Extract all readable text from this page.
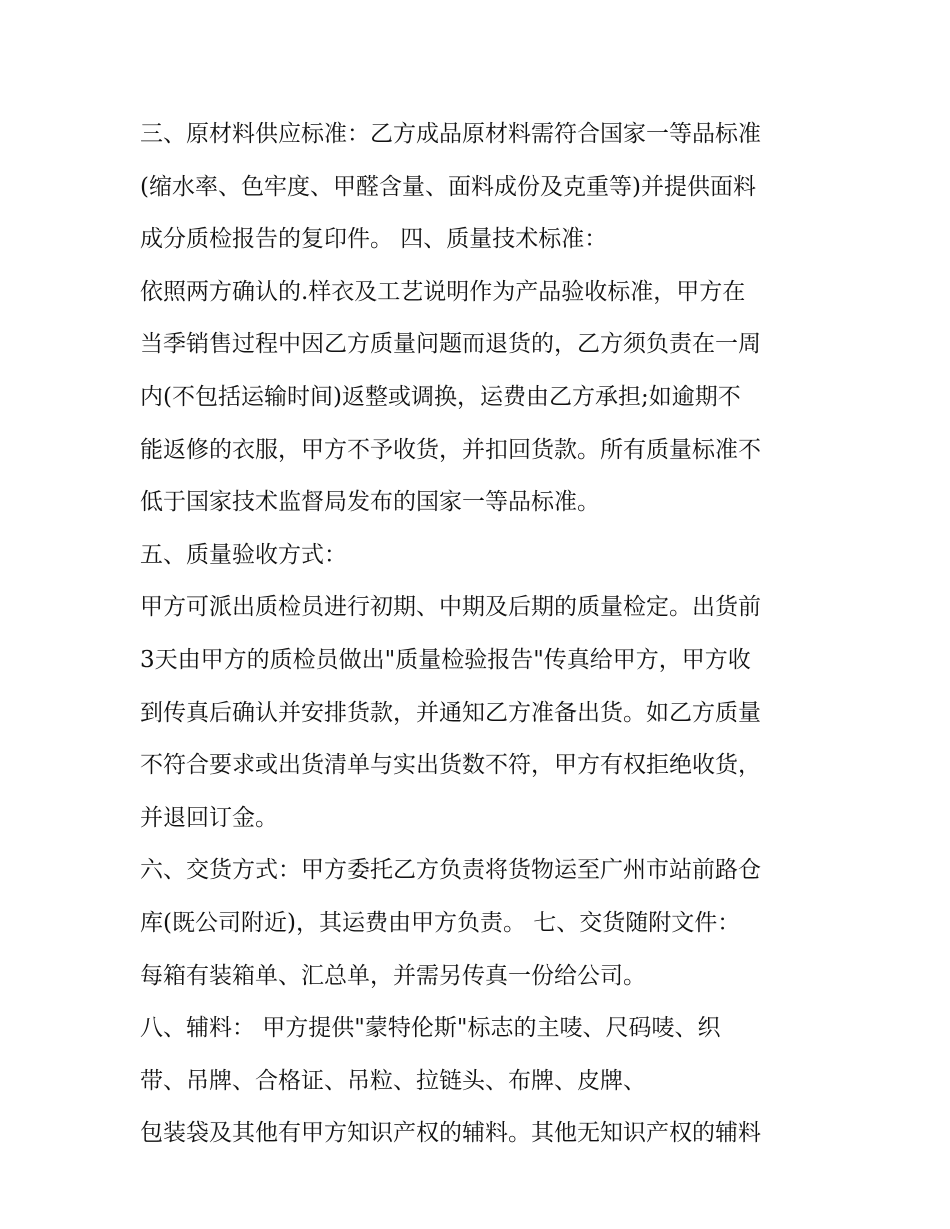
三、原材料供应标准：乙方成品原材料需符合国家一等品标准
(缩水率、色牢度、甲醛含量、面料成份及克重等)并提供面料
成分质检报告的复印件。 四、质量技术标准：
依照两方确认的.样衣及工艺说明作为产品验收标准，甲方在
当季销售过程中因乙方质量问题而退货的，乙方须负责在一周
内(不包括运输时间)返整或调换，运费由乙方承担;如逾期不
能返修的衣服，甲方不予收货，并扣回货款。所有质量标准不
低于国家技术监督局发布的国家一等品标准。
五、质量验收方式：
甲方可派出质检员进行初期、中期及后期的质量检定。出货前
3天由甲方的质检员做出"质量检验报告"传真给甲方，甲方收
到传真后确认并安排货款，并通知乙方准备出货。如乙方质量
不符合要求或出货清单与实出货数不符，甲方有权拒绝收货，
并退回订金。
六、交货方式：甲方委托乙方负责将货物运至广州市站前路仓
库(既公司附近)，其运费由甲方负责。 七、交货随附文件：
每箱有装箱单、汇总单，并需另传真一份给公司。
八、辅料： 甲方提供"蒙特伦斯"标志的主唛、尺码唛、织
带、吊牌、合格证、吊粒、拉链头、布牌、皮牌、
包装袋及其他有甲方知识产权的辅料。其他无知识产权的辅料
